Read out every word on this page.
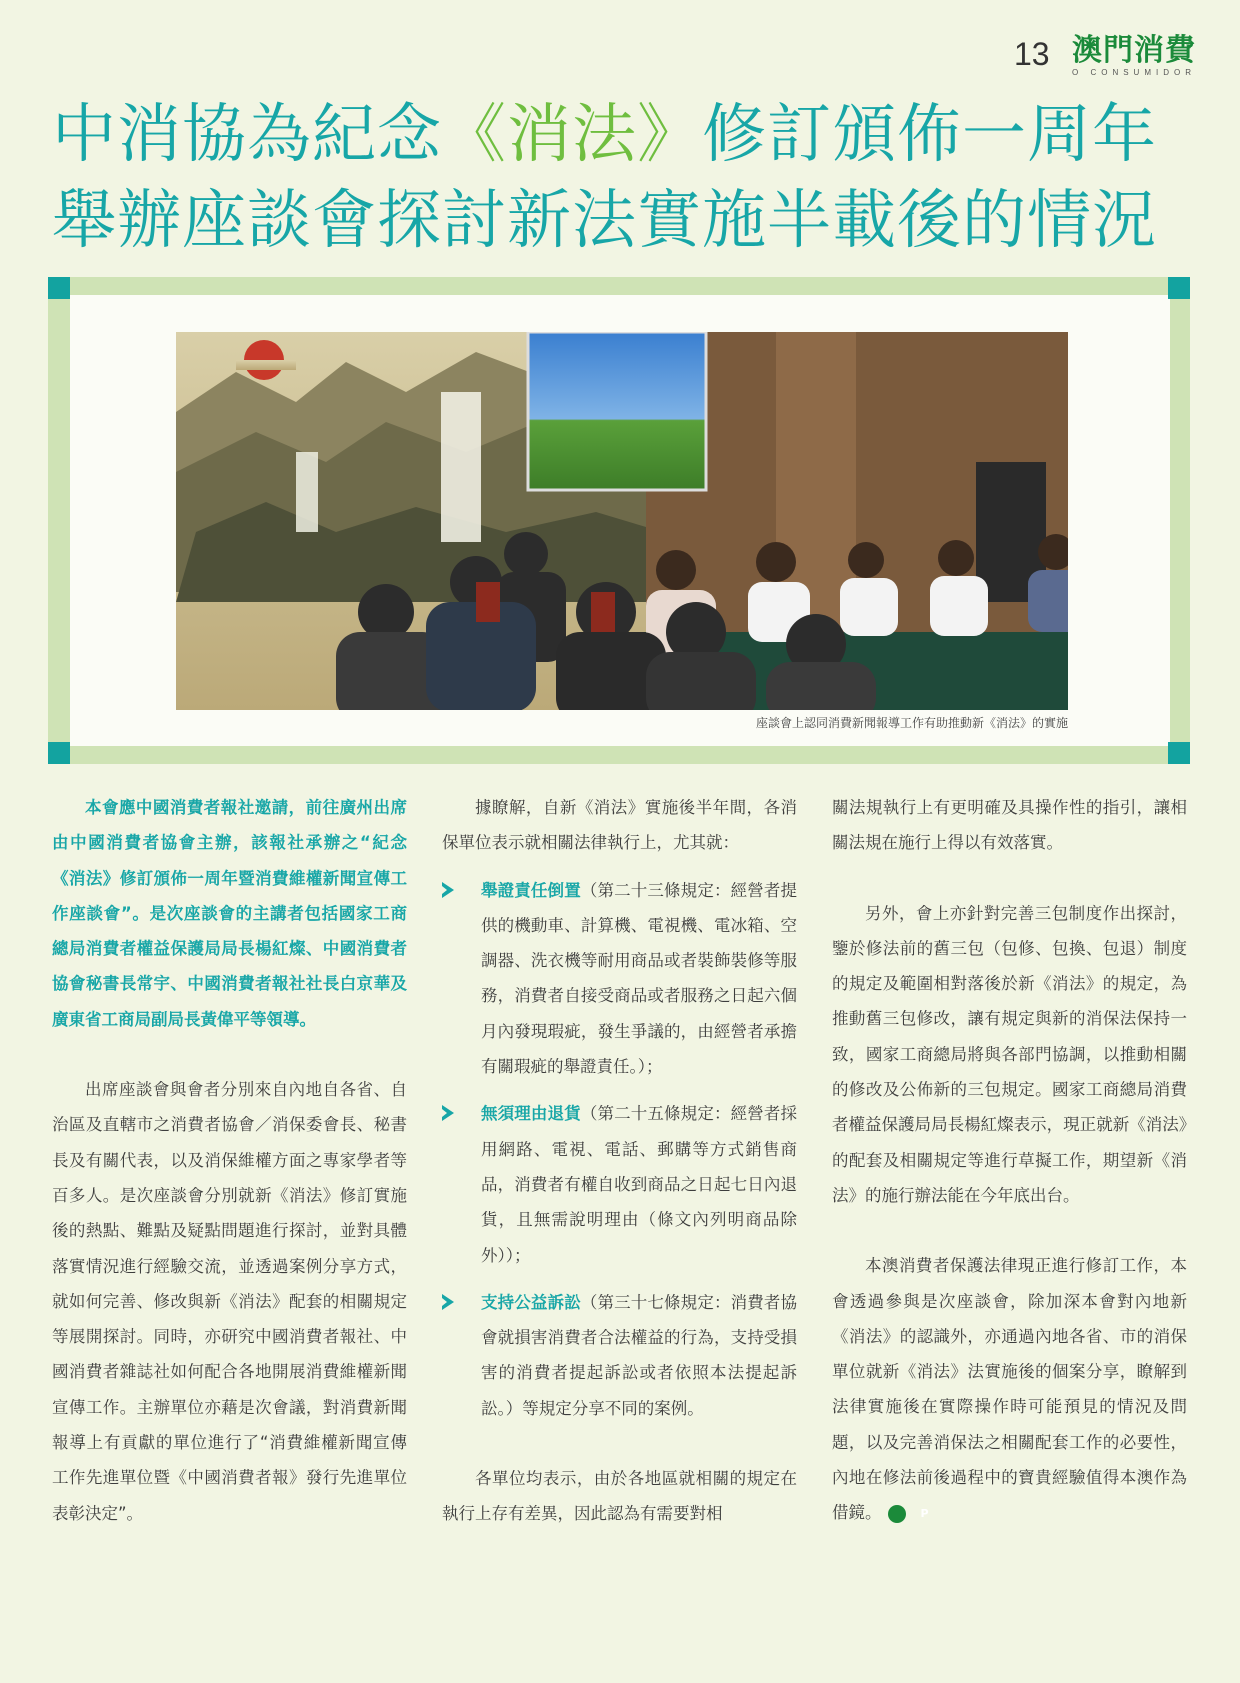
13 澳門消費
O CONSUMIDOR
中消協為紀念《消法》修訂頒佈一周年
舉辦座談會探討新法實施半載後的情況
座談會上認同消費新聞報導工作有助推動新《消法》的實施

本會應中國消費者報社邀請，前往廣州出席由中國消費者協會主辦，該報社承辦之“紀念《消法》修訂頒佈一周年暨消費維權新聞宣傳工作座談會”。是次座談會的主講者包括國家工商總局消費者權益保護局局長楊紅燦、中國消費者協會秘書長常宇、中國消費者報社社長白京華及廣東省工商局副局長黃偉平等領導。

出席座談會與會者分別來自內地自各省、自治區及直轄市之消費者協會／消保委會長、秘書長及有關代表，以及消保維權方面之專家學者等百多人。是次座談會分別就新《消法》修訂實施後的熱點、難點及疑點問題進行探討，並對具體落實情況進行經驗交流，並透過案例分享方式，就如何完善、修改與新《消法》配套的相關規定等展開探討。同時，亦研究中國消費者報社、中國消費者雜誌社如何配合各地開展消費維權新聞宣傳工作。主辦單位亦藉是次會議，對消費新聞報導上有貢獻的單位進行了“消費維權新聞宣傳工作先進單位暨《中國消費者報》發行先進單位表彰決定”。

據瞭解，自新《消法》實施後半年間，各消保單位表示就相關法律執行上，尤其就：

舉證責任倒置（第二十三條規定：經營者提供的機動車、計算機、電視機、電冰箱、空調器、洗衣機等耐用商品或者裝飾裝修等服務，消費者自接受商品或者服務之日起六個月內發現瑕疵，發生爭議的，由經營者承擔有關瑕疵的舉證責任。）；
無須理由退貨（第二十五條規定：經營者採用網路、電視、電話、郵購等方式銷售商品，消費者有權自收到商品之日起七日內退貨，且無需說明理由（條文內列明商品除外））；
支持公益訴訟（第三十七條規定：消費者協會就損害消費者合法權益的行為，支持受損害的消費者提起訴訟或者依照本法提起訴訟。）等規定分享不同的案例。

各單位均表示，由於各地區就相關的規定在執行上存有差異，因此認為有需要對相

關法規執行上有更明確及具操作性的指引，讓相關法規在施行上得以有效落實。

另外，會上亦針對完善三包制度作出探討，鑒於修法前的舊三包（包修、包換、包退）制度的規定及範圍相對落後於新《消法》的規定，為推動舊三包修改，讓有規定與新的消保法保持一致，國家工商總局將與各部門協調，以推動相關的修改及公佈新的三包規定。國家工商總局消費者權益保護局局長楊紅燦表示，現正就新《消法》的配套及相關規定等進行草擬工作，期望新《消法》的施行辦法能在今年底出台。

本澳消費者保護法律現正進行修訂工作，本會透過參與是次座談會，除加深本會對內地新《消法》的認識外，亦通過內地各省、市的消保單位就新《消法》法實施後的個案分享，瞭解到法律實施後在實際操作時可能預見的情況及問題，以及完善消保法之相關配套工作的必要性，內地在修法前後過程中的寶貴經驗值得本澳作為借鏡。	P
